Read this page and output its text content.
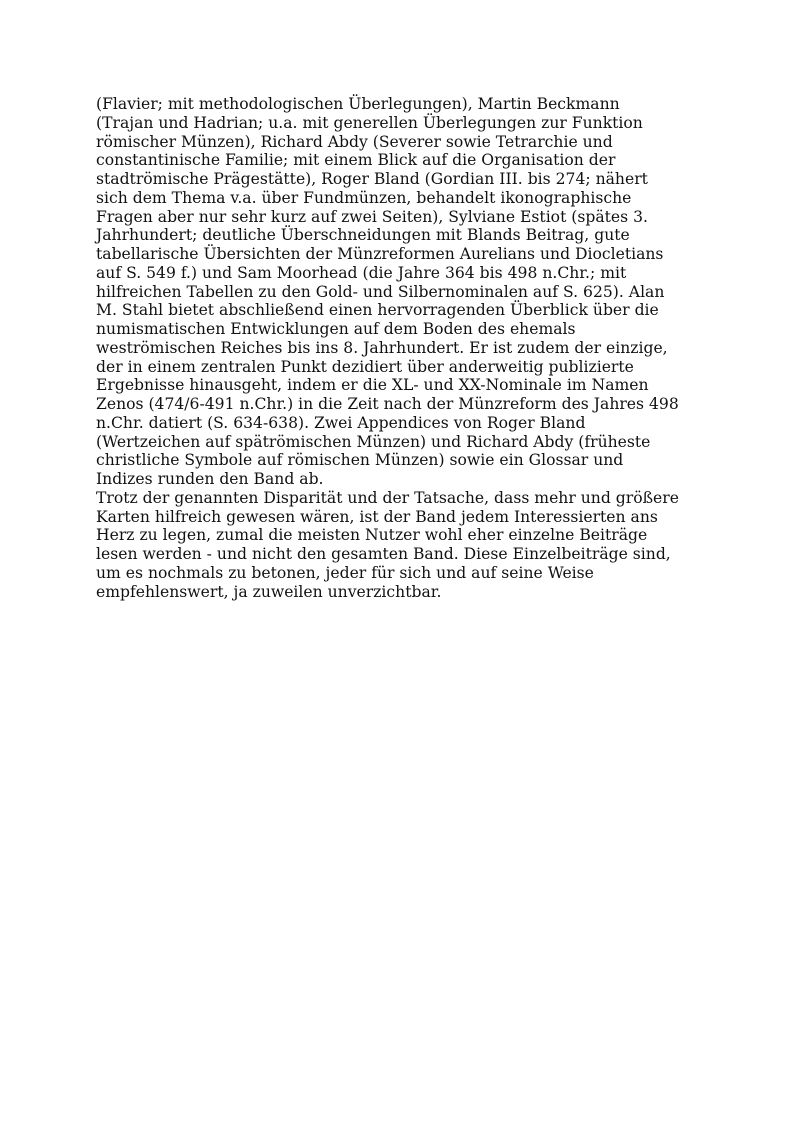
(Flavier; mit methodologischen Überlegungen), Martin Beckmann
(Trajan und Hadrian; u.a. mit generellen Überlegungen zur Funktion
römischer Münzen), Richard Abdy (Severer sowie Tetrarchie und
constantinische Familie; mit einem Blick auf die Organisation der
stadtrömische Prägestätte), Roger Bland (Gordian III. bis 274; nähert
sich dem Thema v.a. über Fundmünzen, behandelt ikonographische
Fragen aber nur sehr kurz auf zwei Seiten), Sylviane Estiot (spätes 3.
Jahrhundert; deutliche Überschneidungen mit Blands Beitrag, gute
tabellarische Übersichten der Münzreformen Aurelians und Diocletians
auf S. 549 f.) und Sam Moorhead (die Jahre 364 bis 498 n.Chr.; mit
hilfreichen Tabellen zu den Gold- und Silbernominalen auf S. 625). Alan
M. Stahl bietet abschließend einen hervorragenden Überblick über die
numismatischen Entwicklungen auf dem Boden des ehemals
weströmischen Reiches bis ins 8. Jahrhundert. Er ist zudem der einzige,
der in einem zentralen Punkt dezidiert über anderweitig publizierte
Ergebnisse hinausgeht, indem er die XL- und XX-Nominale im Namen
Zenos (474/6-491 n.Chr.) in die Zeit nach der Münzreform des Jahres 498
n.Chr. datiert (S. 634-638). Zwei Appendices von Roger Bland
(Wertzeichen auf spätrömischen Münzen) und Richard Abdy (früheste
christliche Symbole auf römischen Münzen) sowie ein Glossar und
Indizes runden den Band ab.
Trotz der genannten Disparität und der Tatsache, dass mehr und größere
Karten hilfreich gewesen wären, ist der Band jedem Interessierten ans
Herz zu legen, zumal die meisten Nutzer wohl eher einzelne Beiträge
lesen werden - und nicht den gesamten Band. Diese Einzelbeiträge sind,
um es nochmals zu betonen, jeder für sich und auf seine Weise
empfehlenswert, ja zuweilen unverzichtbar.
